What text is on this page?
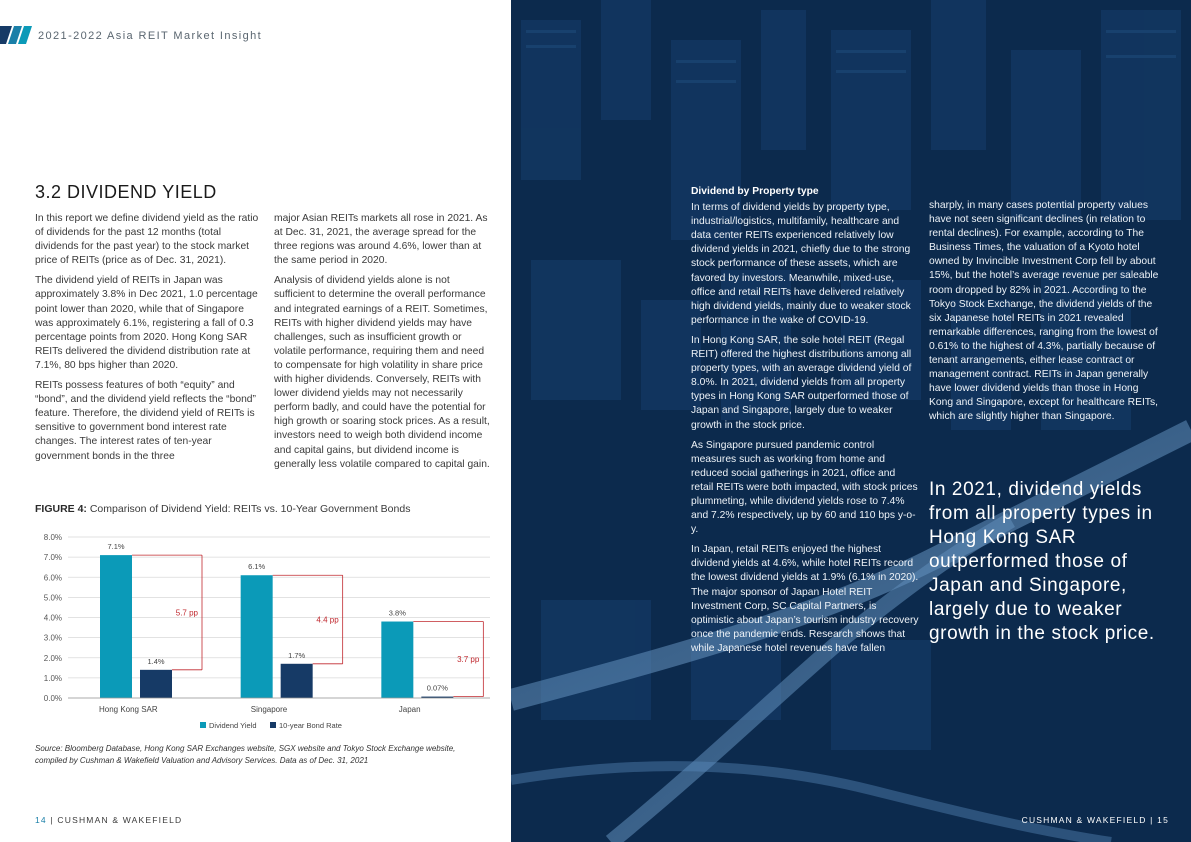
2021-2022 Asia REIT Market Insight
3.2 DIVIDEND YIELD

In this report we define dividend yield as the ratio of dividends for the past 12 months (total dividends for the past year) to the stock market price of REITs (price as of Dec. 31, 2021).

The dividend yield of REITs in Japan was approximately 3.8% in Dec 2021, 1.0 percentage point lower than 2020, while that of Singapore was approximately 6.1%, registering a fall of 0.3 percentage points from 2020. Hong Kong SAR REITs delivered the dividend distribution rate at 7.1%, 80 bps higher than 2020.

REITs possess features of both “equity” and “bond”, and the dividend yield reflects the “bond” feature. Therefore, the dividend yield of REITs is sensitive to government bond interest rate changes. The interest rates of ten-year government bonds in the three

major Asian REITs markets all rose in 2021. As at Dec. 31, 2021, the average spread for the three regions was around 4.6%, lower than at the same period in 2020.

Analysis of dividend yields alone is not sufficient to determine the overall performance and integrated earnings of a REIT. Sometimes, REITs with higher dividend yields may have challenges, such as insufficient growth or volatile performance, requiring them and need to compensate for high volatility in share price with higher dividends. Conversely, REITs with lower dividend yields may not necessarily perform badly, and could have the potential for high growth or soaring stock prices. As a result, investors need to weigh both dividend income and capital gains, but dividend income is generally less volatile compared to capital gain.

FIGURE 4: Comparison of Dividend Yield: REITs vs. 10-Year Government Bonds
0.0%
1.0%
2.0%
3.0%
4.0%
5.0%
6.0%
7.0%
8.0%
7.1%
1.4%
Hong Kong SAR
5.7 pp
6.1%
1.7%
Singapore
4.4 pp
3.8%
0.07%
Japan
3.7 pp
Dividend Yield	10-year Bond Rate
Source: Bloomberg Database, Hong Kong SAR Exchanges website, SGX website and Tokyo Stock Exchange website, compiled by Cushman & Wakefield Valuation and Advisory Services. Data as of Dec. 31, 2021
14 | CUSHMAN & WAKEFIELD
Dividend by Property type

In terms of dividend yields by property type, industrial/logistics, multifamily, healthcare and data center REITs experienced relatively low dividend yields in 2021, chiefly due to the strong stock performance of these assets, which are favored by investors. Meanwhile, mixed-use, office and retail REITs have delivered relatively high dividend yields, mainly due to weaker stock performance in the wake of COVID-19.

In Hong Kong SAR, the sole hotel REIT (Regal REIT) offered the highest distributions among all property types, with an average dividend yield of 8.0%. In 2021, dividend yields from all property types in Hong Kong SAR outperformed those of Japan and Singapore, largely due to weaker growth in the stock price.

As Singapore pursued pandemic control measures such as working from home and reduced social gatherings in 2021, office and retail REITs were both impacted, with stock prices plummeting, while dividend yields rose to 7.4% and 7.2% respectively, up by 60 and 110 bps y-o-y.

In Japan, retail REITs enjoyed the highest dividend yields at 4.6%, while hotel REITs record the lowest dividend yields at 1.9% (6.1% in 2020). The major sponsor of Japan Hotel REIT Investment Corp, SC Capital Partners, is optimistic about Japan’s tourism industry recovery once the pandemic ends. Research shows that while Japanese hotel revenues have fallen

sharply, in many cases potential property values have not seen significant declines (in relation to rental declines). For example, according to The Business Times, the valuation of a Kyoto hotel owned by Invincible Investment Corp fell by about 15%, but the hotel’s average revenue per saleable room dropped by 82% in 2021. According to the Tokyo Stock Exchange, the dividend yields of the six Japanese hotel REITs in 2021 revealed remarkable differences, ranging from the lowest of 0.61% to the highest of 4.3%, partially because of tenant arrangements, either lease contract or management contract. REITs in Japan generally have lower dividend yields than those in Hong Kong and Singapore, except for healthcare REITs, which are slightly higher than Singapore.

In 2021, dividend yields from all property types in Hong Kong SAR outperformed those of Japan and Singapore, largely due to weaker growth in the stock price.
CUSHMAN & WAKEFIELD | 15
